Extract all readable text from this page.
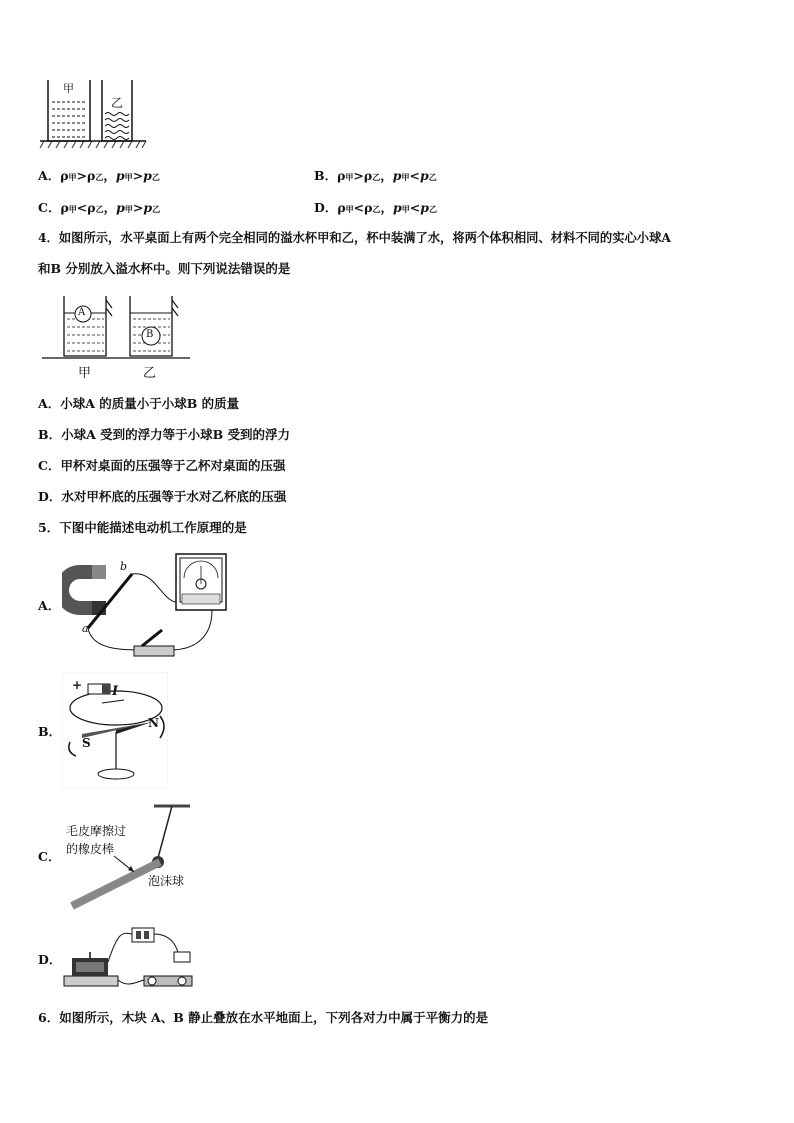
甲
乙
A．ρ甲>ρ乙，p甲>p乙	B．ρ甲>ρ乙，p甲<p乙
C．ρ甲<ρ乙，p甲>p乙	D．ρ甲<ρ乙，p甲<p乙
4．如图所示，水平桌面上有两个完全相同的溢水杯甲和乙，杯中装满了水，将两个体积相同、材料不同的实心小球A
和B 分别放入溢水杯中。则下列说法错误的是
A
B
甲	乙
A．小球A 的质量小于小球B 的质量
B．小球A 受到的浮力等于小球B 受到的浮力
C．甲杯对桌面的压强等于乙杯对桌面的压强
D．水对甲杯底的压强等于水对乙杯底的压强
5．下图中能描述电动机工作原理的是
A．
b
a
B．
+ I
S
N
C．
毛皮摩擦过
的橡皮棒
泡沫球
D．
6．如图所示，木块 A、B 静止叠放在水平地面上，下列各对力中属于平衡力的是
